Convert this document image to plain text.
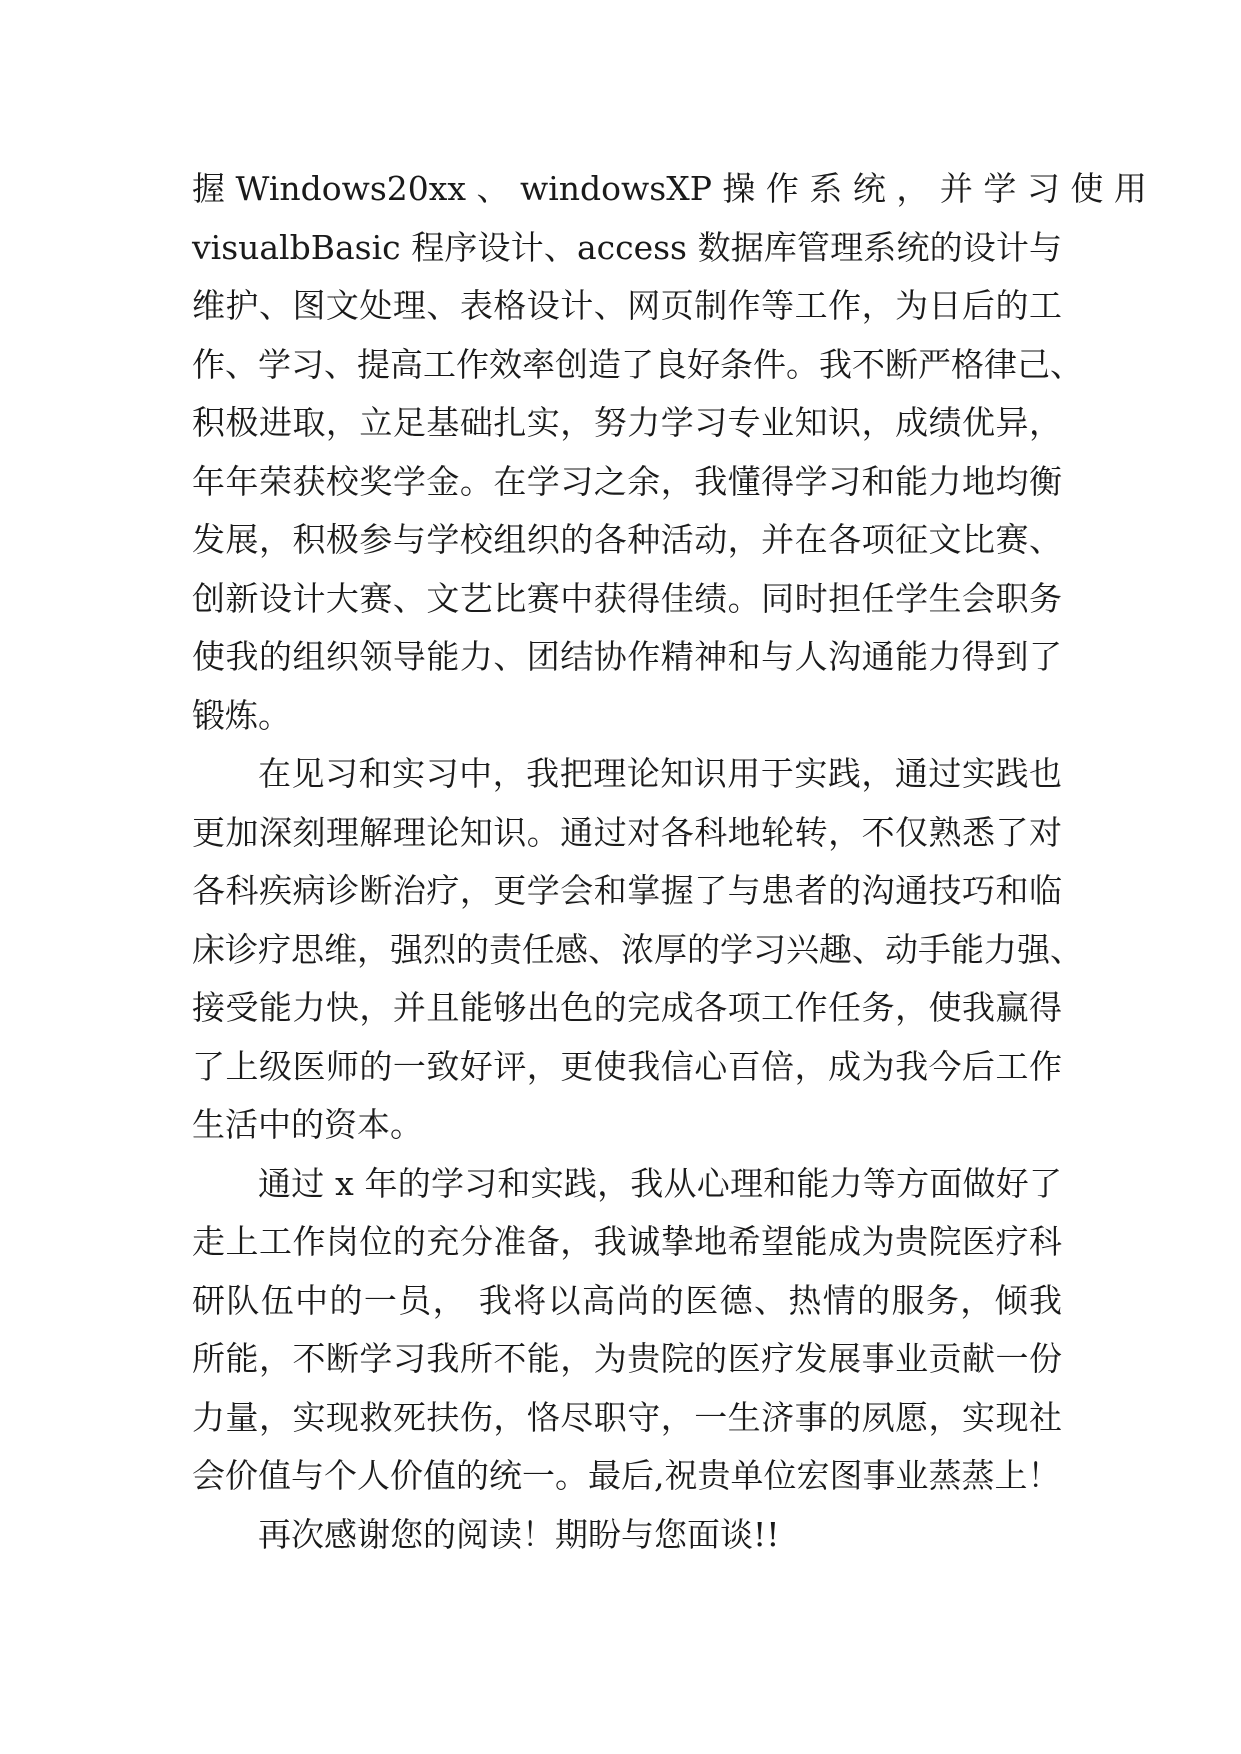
握 Windows20xx 、 windowsXP 操 作 系 统 ， 并 学 习 使 用
visualbBasic 程序设计、access 数据库管理系统的设计与
维护、图文处理、表格设计、网页制作等工作，为日后的工
作、学习、提高工作效率创造了良好条件。我不断严格律己、
积极进取，立足基础扎实，努力学习专业知识，成绩优异，
年年荣获校奖学金。在学习之余，我懂得学习和能力地均衡
发展，积极参与学校组织的各种活动，并在各项征文比赛、
创新设计大赛、文艺比赛中获得佳绩。同时担任学生会职务
使我的组织领导能力、团结协作精神和与人沟通能力得到了
锻炼。
在见习和实习中，我把理论知识用于实践，通过实践也
更加深刻理解理论知识。通过对各科地轮转，不仅熟悉了对
各科疾病诊断治疗，更学会和掌握了与患者的沟通技巧和临
床诊疗思维，强烈的责任感、浓厚的学习兴趣、动手能力强、
接受能力快，并且能够出色的完成各项工作任务，使我赢得
了上级医师的一致好评，更使我信心百倍，成为我今后工作
生活中的资本。
通过 x 年的学习和实践，我从心理和能力等方面做好了
走上工作岗位的充分准备，我诚挚地希望能成为贵院医疗科
研队伍中的一员， 我将以高尚的医德、热情的服务，倾我
所能，不断学习我所不能，为贵院的医疗发展事业贡献一份
力量，实现救死扶伤，恪尽职守，一生济事的夙愿，实现社
会价值与个人价值的统一。最后,祝贵单位宏图事业蒸蒸上！
再次感谢您的阅读！期盼与您面谈!!
